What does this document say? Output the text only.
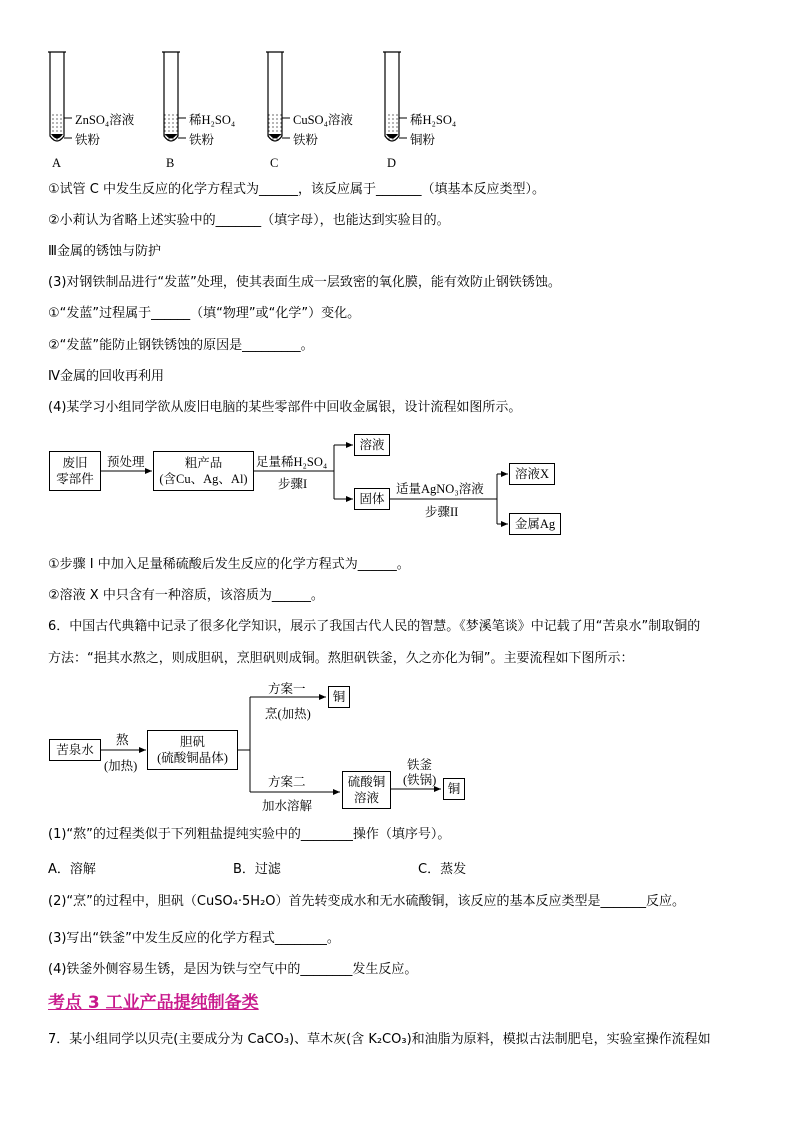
ZnSO₄溶液
铁粉
A
稀H₂SO₄
铁粉
B
CuSO₄溶液
铁粉
C
稀H₂SO₄
铜粉
D
①试管 C 中发生反应的化学方程式为______，该反应属于_______（填基本反应类型）。
②小莉认为省略上述实验中的_______（填字母），也能达到实验目的。
Ⅲ金属的锈蚀与防护
(3)对钢铁制品进行“发蓝”处理，使其表面生成一层致密的氧化膜，能有效防止钢铁锈蚀。
①“发蓝”过程属于______（填“物理”或“化学”）变化。
②“发蓝”能防止钢铁锈蚀的原因是_________。
Ⅳ金属的回收再利用
(4)某学习小组同学欲从废旧电脑的某些零部件中回收金属银，设计流程如图所示。
废旧
零部件
预处理	粗产品
(含Cu、Ag、Al)
足量稀H₂SO₄
步骤I
溶液
固体
适量AgNO₃溶液
步骤II
溶液X
金属Ag
①步骤 I 中加入足量稀硫酸后发生反应的化学方程式为______。
②溶液 X 中只含有一种溶质，该溶质为______。
6．中国古代典籍中记录了很多化学知识，展示了我国古代人民的智慧。《梦溪笔谈》中记载了用“苦泉水”制取铜的
方法：“挹其水熬之，则成胆矾，烹胆矾则成铜。熬胆矾铁釜，久之亦化为铜”。主要流程如下图所示：
苦泉水
熬
(加热)
胆矾
(硫酸铜晶体)
方案一
烹(加热)
铜
方案二
加水溶解
硫酸铜
溶液
铁釜
(铁锅)
铜
(1)“熬”的过程类似于下列粗盐提纯实验中的________操作（填序号）。
A．溶解	B．过滤	C．蒸发
(2)“烹”的过程中，胆矾（CuSO₄·5H₂O）首先转变成水和无水硫酸铜，该反应的基本反应类型是_______反应。
(3)写出“铁釜”中发生反应的化学方程式________。
(4)铁釜外侧容易生锈，是因为铁与空气中的________发生反应。
考点 3 工业产品提纯制备类
7．某小组同学以贝壳(主要成分为 CaCO₃)、草木灰(含 K₂CO₃)和油脂为原料，模拟古法制肥皂，实验室操作流程如
